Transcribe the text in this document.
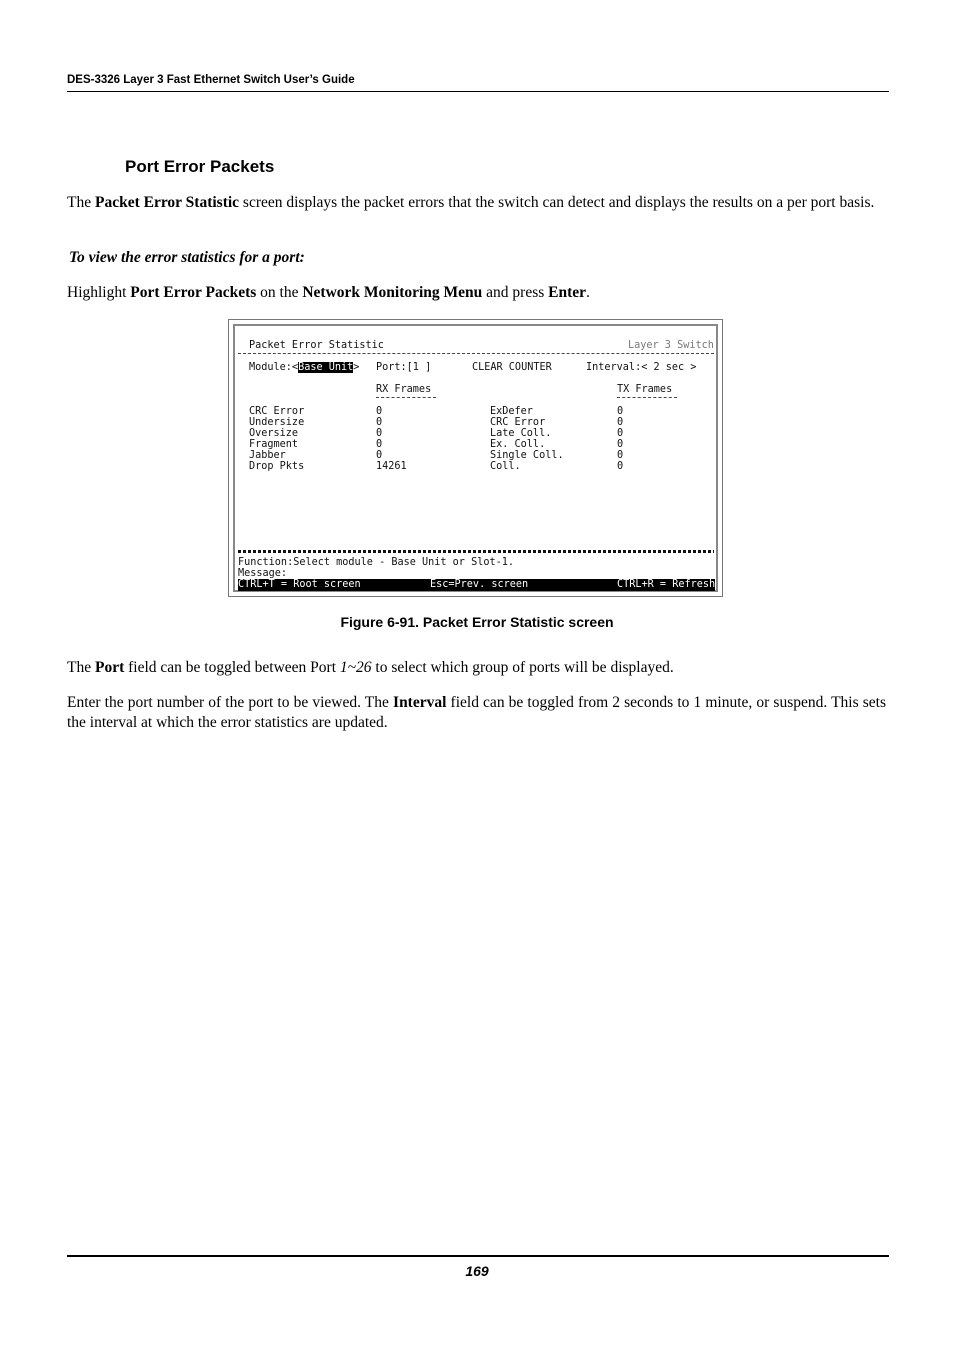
DES-3326 Layer 3 Fast Ethernet Switch User’s Guide
Port Error Packets
The Packet Error Statistic screen displays the packet errors that the switch can detect and displays the results on a per port basis.
To view the error statistics for a port:
Highlight Port Error Packets on the Network Monitoring Menu and press Enter.
Packet Error Statistic	Layer 3 Switch
Module:<Base Unit> Port:[1 ]	CLEAR COUNTER	Interval:< 2 sec >
RX Frames	TX Frames
CRC Error	0	ExDefer	0
Undersize	0	CRC Error	0
Oversize	0	Late Coll.	0
Fragment	0	Ex. Coll.	0
Jabber	0	Single Coll.	0
Drop Pkts	14261	Coll.	0
Function:Select module - Base Unit or Slot-1.
Message:
CTRL+T = Root screen	Esc=Prev. screen	CTRL+R = Refresh
Figure 6-91. Packet Error Statistic screen
The Port field can be toggled between Port 1~26 to select which group of ports will be displayed.
Enter the port number of the port to be viewed. The Interval field can be toggled from 2 seconds to 1 minute, or suspend. This sets the interval at which the error statistics are updated.
169
